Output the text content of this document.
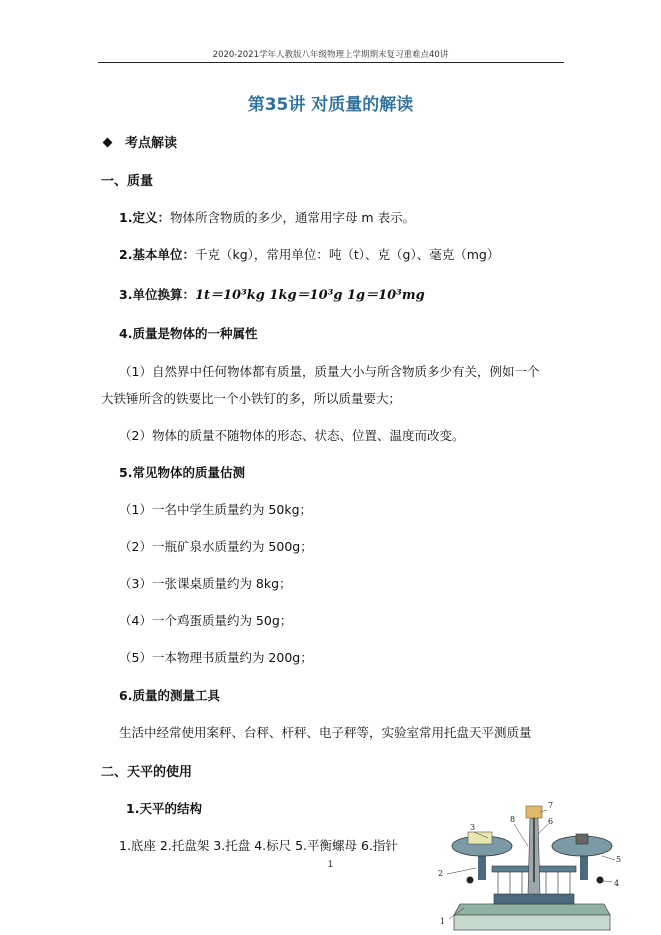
2020-2021学年人教版八年级物理上学期期末复习重难点40讲
第35讲 对质量的解读
考点解读
一、质量
1.定义：物体所含物质的多少，通常用字母 m 表示。
2.基本单位：千克（kg），常用单位：吨（t）、克（g）、毫克（mg）
3.单位换算：1t＝10³kg 1kg＝10³g 1g＝10³mg
4.质量是物体的一种属性
（1）自然界中任何物体都有质量，质量大小与所含物质多少有关，例如一个
大铁锤所含的铁要比一个小铁钉的多，所以质量要大；
（2）物体的质量不随物体的形态、状态、位置、温度而改变。
5.常见物体的质量估测
（1）一名中学生质量约为 50kg；
（2）一瓶矿泉水质量约为 500g；
（3）一张课桌质量约为 8kg；
（4）一个鸡蛋质量约为 50g；
（5）一本物理书质量约为 200g；
6.质量的测量工具
生活中经常使用案秤、台秤、杆秤、电子秤等，实验室常用托盘天平测质量
二、天平的使用
1.天平的结构
1.底座 2.托盘架 3.托盘 4.标尺 5.平衡螺母 6.指针
1
1
2
3
4
5
6
7
8
